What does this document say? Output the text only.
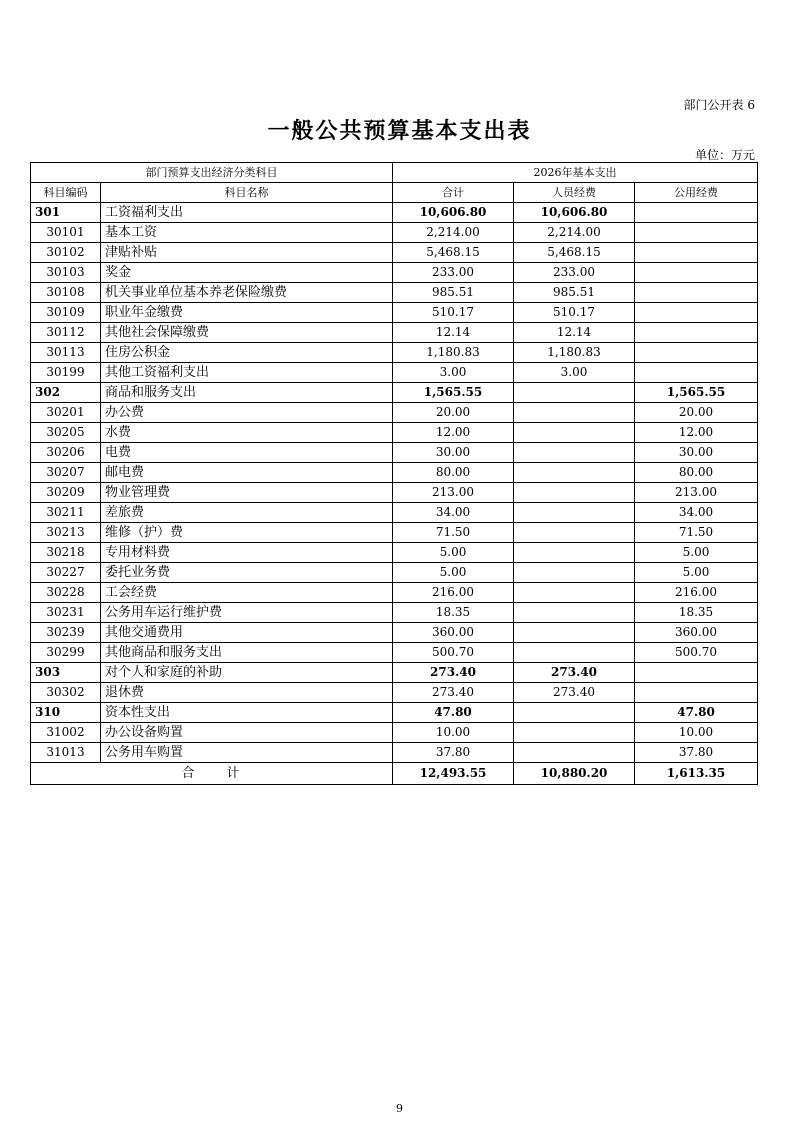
部门公开表 6
一般公共预算基本支出表
单位：万元
部门预算支出经济分类科目		2026年基本支出		
科目编码	科目名称	合计	人员经费	公用经费
301	工资福利支出	10,606.80	10,606.80	
30101	基本工资	2,214.00	2,214.00	
30102	津贴补贴	5,468.15	5,468.15	
30103	奖金	233.00	233.00	
30108	机关事业单位基本养老保险缴费	985.51	985.51	
30109	职业年金缴费	510.17	510.17	
30112	其他社会保障缴费	12.14	12.14	
30113	住房公积金	1,180.83	1,180.83	
30199	其他工资福利支出	3.00	3.00	
302	商品和服务支出	1,565.55		1,565.55
30201	办公费	20.00		20.00
30205	水费	12.00		12.00
30206	电费	30.00		30.00
30207	邮电费	80.00		80.00
30209	物业管理费	213.00		213.00
30211	差旅费	34.00		34.00
30213	维修（护）费	71.50		71.50
30218	专用材料费	5.00		5.00
30227	委托业务费	5.00		5.00
30228	工会经费	216.00		216.00
30231	公务用车运行维护费	18.35		18.35
30239	其他交通费用	360.00		360.00
30299	其他商品和服务支出	500.70		500.70
303	对个人和家庭的补助	273.40	273.40	
30302	退休费	273.40	273.40	
310	资本性支出	47.80		47.80
31002	办公设备购置	10.00		10.00
31013	公务用车购置	37.80		37.80
合　　计		12,493.55	10,880.20	1,613.35
9
